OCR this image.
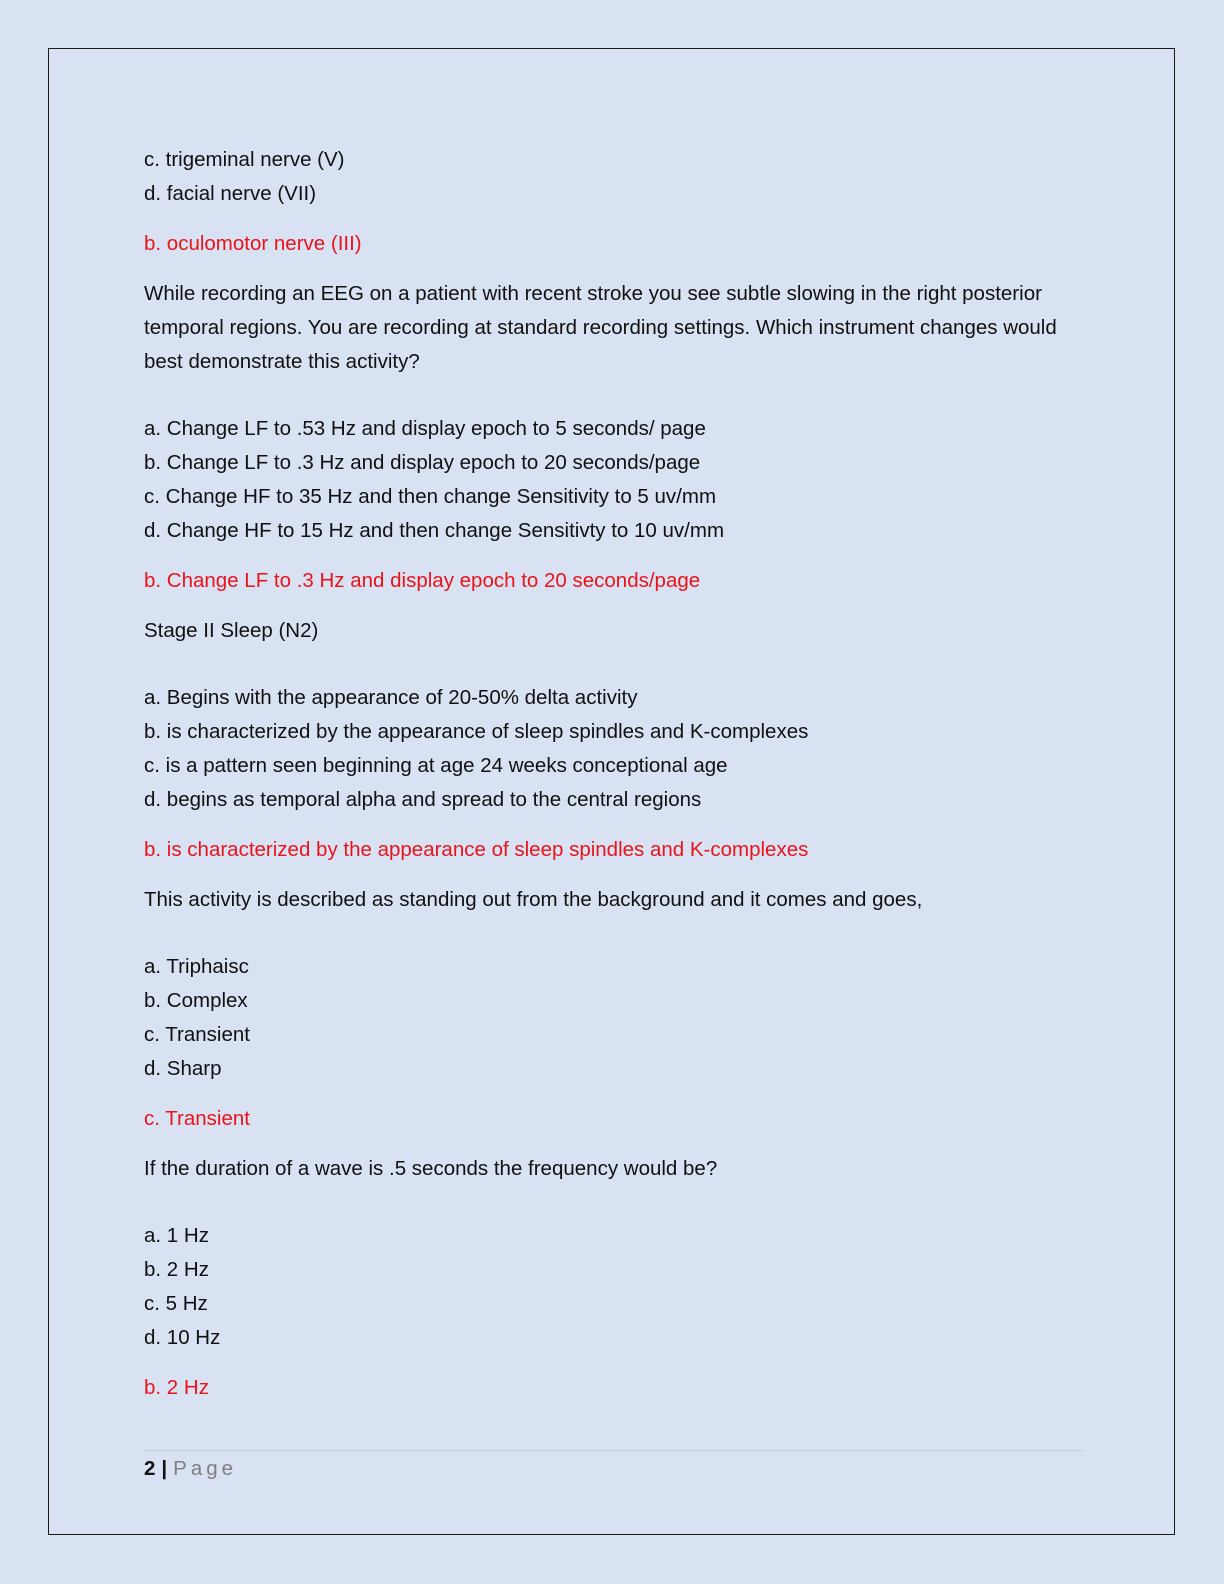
c. trigeminal nerve (V)
d. facial nerve (VII)
b. oculomotor nerve (III)
While recording an EEG on a patient with recent stroke you see subtle slowing in the right posterior temporal regions. You are recording at standard recording settings. Which instrument changes would best demonstrate this activity?
a. Change LF to .53 Hz and display epoch to 5 seconds/ page
b. Change LF to .3 Hz and display epoch to 20 seconds/page
c. Change HF to 35 Hz and then change Sensitivity to 5 uv/mm
d. Change HF to 15 Hz and then change Sensitivty to 10 uv/mm
b. Change LF to .3 Hz and display epoch to 20 seconds/page
Stage II Sleep (N2)
a. Begins with the appearance of 20-50% delta activity
b. is characterized by the appearance of sleep spindles and K-complexes
c. is a pattern seen beginning at age 24 weeks conceptional age
d. begins as temporal alpha and spread to the central regions
b. is characterized by the appearance of sleep spindles and K-complexes
This activity is described as standing out from the background and it comes and goes,
a. Triphaisc
b. Complex
c. Transient
d. Sharp
c. Transient
If the duration of a wave is .5 seconds the frequency would be?
a. 1 Hz
b. 2 Hz
c. 5 Hz
d. 10 Hz
b. 2 Hz
2 | Page
